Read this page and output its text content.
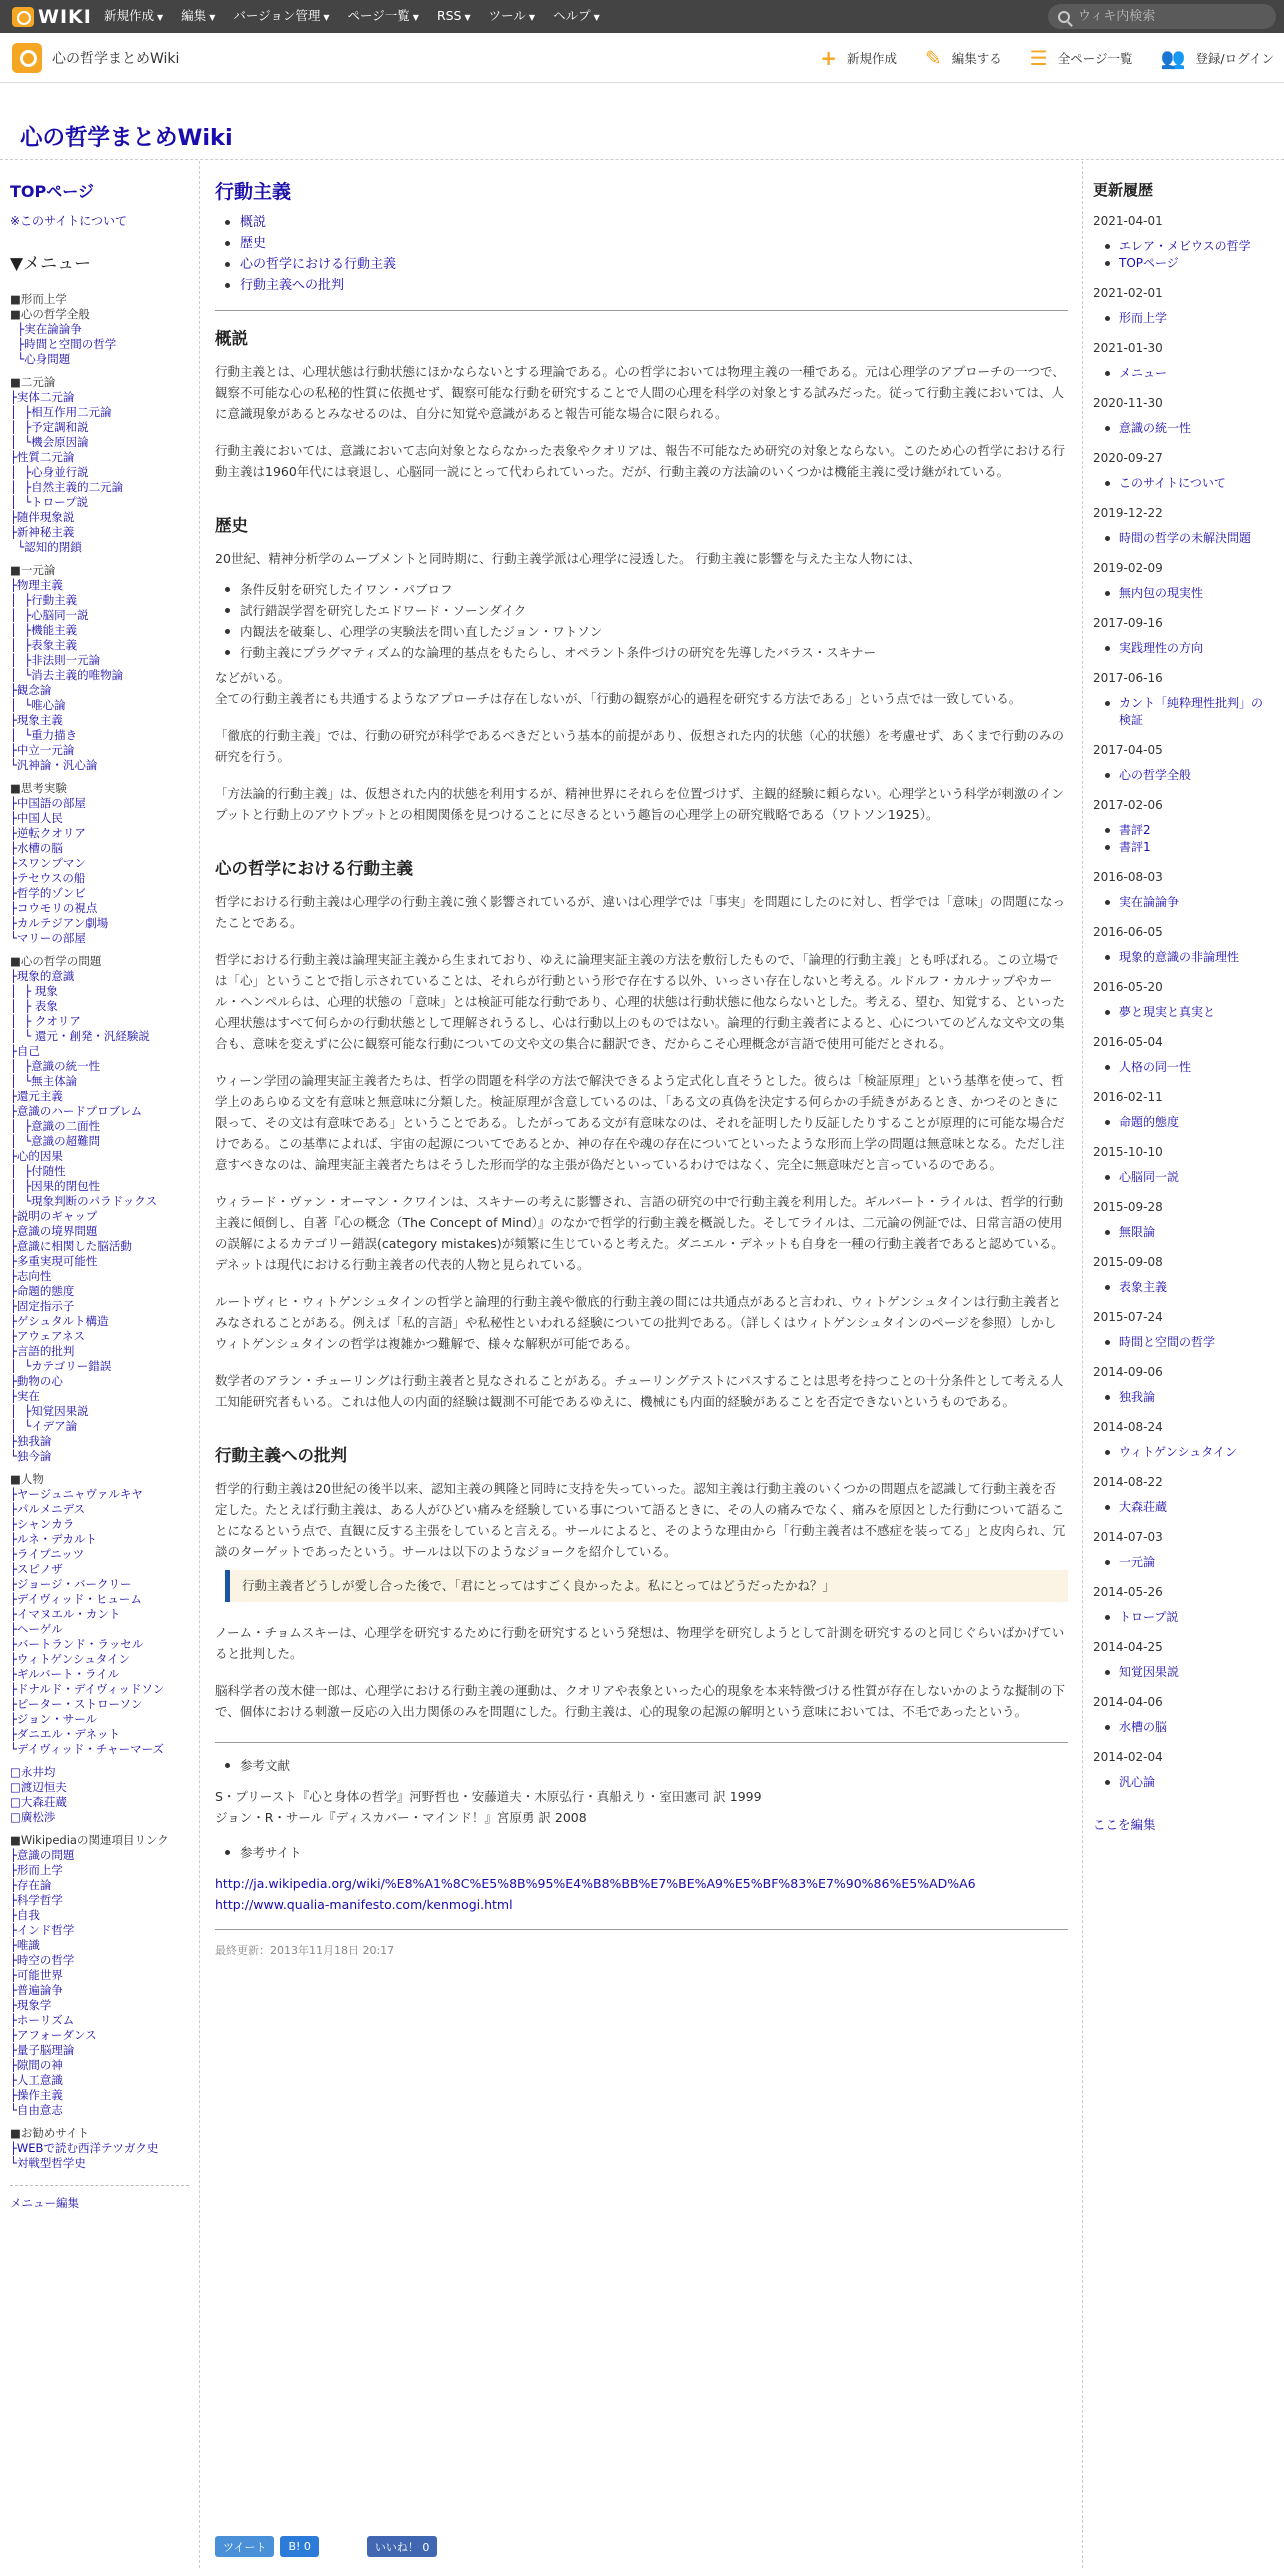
WIKI 新規作成 ▼	編集 ▼	バージョン管理 ▼	ページ一覧 ▼	RSS ▼	ツール ▼	ヘルプ ▼
ウィキ内検索
心の哲学まとめWiki	+ 新規作成 ✎ 編集する ☰ 全ページ一覧 👥 登録/ログイン
心の哲学まとめWiki
TOPページ
※このサイトについて
▼メニュー
■形而上学
■心の哲学全般
├実在論論争
├時間と空間の哲学
└心身問題
■二元論
├実体二元論
│  ├相互作用二元論
│  ├予定調和説
│  └機会原因論
├性質二元論
│  ├心身並行説
│  ├自然主義的二元論
│  └トロープ説
├随伴現象説
├新神秘主義
└認知的閉鎖
■一元論
├物理主義
│  ├行動主義
│  ├心脳同一説
│  ├機能主義
│  ├表象主義
│  ├非法則一元論
│  └消去主義的唯物論
├観念論
│  └唯心論
├現象主義
│  └重力描き
├中立一元論
└汎神論・汎心論
■思考実験
├中国語の部屋
├中国人民
├逆転クオリア
├水槽の脳
├スワンプマン
├テセウスの船
├哲学的ゾンビ
├コウモリの視点
├カルテジアン劇場
└マリーの部屋
■心の哲学の問題
├現象的意識
│  ├ 現象
│  ├ 表象
│  ├ クオリア
│  └ 還元・創発・汎経験説
├自己
│  ├意識の統一性
│  └無主体論
├還元主義
├意識のハードプロブレム
│  ├意識の二面性
│  └意識の超難問
├心的因果
│  ├付随性
│  ├因果的閉包性
│  └現象判断のパラドックス
├説明のギャップ
├意識の境界問題
├意識に相関した脳活動
├多重実現可能性
├志向性
├命題的態度
├固定指示子
├ゲシュタルト構造
├アウェアネス
├言語的批判
│  └カテゴリー錯誤
├動物の心
├実在
│  ├知覚因果説
│  └イデア論
├独我論
└独今論
■人物
├ヤージュニャヴァルキヤ
├パルメニデス
├シャンカラ
├ルネ・デカルト
├ライプニッツ
├スピノザ
├ジョージ・バークリー
├デイヴィッド・ヒューム
├イマヌエル・カント
├ヘーゲル
├バートランド・ラッセル
├ウィトゲンシュタイン
├ギルバート・ライル
├ドナルド・デイヴィッドソン
├ピーター・ストローソン
├ジョン・サール
├ダニエル・デネット
└デイヴィッド・チャーマーズ
□永井均
□渡辺恒夫
□大森荘蔵
□廣松渉
■Wikipediaの関連項目リンク
├意識の問題
├形而上学
├存在論
├科学哲学
├自我
├インド哲学
├唯識
├時空の哲学
├可能世界
├普遍論争
├現象学
├ホーリズム
├アフォーダンス
├量子脳理論
├隙間の神
├人工意識
├操作主義
└自由意志
■お勧めサイト
├WEBで読む西洋テツガク史
└対戦型哲学史
メニュー編集
行動主義
概説
歴史
心の哲学における行動主義
行動主義への批判
概説

行動主義とは、心理状態は行動状態にほかならないとする理論である。心の哲学においては物理主義の一種である。元は心理学のアプローチの一つで、観察不可能な心の私秘的性質に依拠せず、観察可能な行動を研究することで人間の心理を科学の対象とする試みだった。従って行動主義においては、人に意識現象があるとみなせるのは、自分に知覚や意識があると報告可能な場合に限られる。

行動主義においては、意識において志向対象とならなかった表象やクオリアは、報告不可能なため研究の対象とならない。このため心の哲学における行動主義は1960年代には衰退し、心脳同一説にとって代わられていった。だが、行動主義の方法論のいくつかは機能主義に受け継がれている。

歴史

20世紀、精神分析学のムーブメントと同時期に、行動主義学派は心理学に浸透した。 行動主義に影響を与えた主な人物には、

条件反射を研究したイワン・パブロフ
試行錯誤学習を研究したエドワード・ソーンダイク
内観法を破棄し、心理学の実験法を問い直したジョン・ワトソン
行動主義にプラグマティズム的な論理的基点をもたらし、オペラント条件づけの研究を先導したバラス・スキナー

などがいる。
全ての行動主義者にも共通するようなアプローチは存在しないが、「行動の観察が心的過程を研究する方法である」という点では一致している。

「徹底的行動主義」では、行動の研究が科学であるべきだという基本的前提があり、仮想された内的状態（心的状態）を考慮せず、あくまで行動のみの研究を行う。

「方法論的行動主義」は、仮想された内的状態を利用するが、精神世界にそれらを位置づけず、主観的経験に頼らない。心理学という科学が刺激のインプットと行動上のアウトプットとの相関関係を見つけることに尽きるという趣旨の心理学上の研究戦略である（ワトソン1925）。

心の哲学における行動主義

哲学における行動主義は心理学の行動主義に強く影響されているが、違いは心理学では「事実」を問題にしたのに対し、哲学では「意味」の問題になったことである。

哲学における行動主義は論理実証主義から生まれており、ゆえに論理実証主義の方法を敷衍したもので、「論理的行動主義」とも呼ばれる。この立場では「心」ということで指し示されていることは、それらが行動という形で存在する以外、いっさい存在しないと考える。ルドルフ・カルナップやカール・ヘンペルらは、心理的状態の「意味」とは検証可能な行動であり、心理的状態は行動状態に他ならないとした。考える、望む、知覚する、といった心理状態はすべて何らかの行動状態として理解されうるし、心は行動以上のものではない。論理的行動主義者によると、心についてのどんな文や文の集合も、意味を変えずに公に観察可能な行動についての文や文の集合に翻訳でき、だからこそ心理概念が言語で使用可能だとされる。

ウィーン学団の論理実証主義者たちは、哲学の問題を科学の方法で解決できるよう定式化し直そうとした。彼らは「検証原理」という基準を使って、哲学上のあらゆる文を有意味と無意味に分類した。検証原理が含意しているのは、「ある文の真偽を決定する何らかの手続きがあるとき、かつそのときに限って、その文は有意味である」ということである。したがってある文が有意味なのは、それを証明したり反証したりすることが原理的に可能な場合だけである。この基準によれば、宇宙の起源についてであるとか、神の存在や魂の存在についてといったような形而上学の問題は無意味となる。ただし注意すべきなのは、論理実証主義者たちはそうした形而学的な主張が偽だといっているわけではなく、完全に無意味だと言っているのである。

ウィラード・ヴァン・オーマン・クワインは、スキナーの考えに影響され、言語の研究の中で行動主義を利用した。ギルバート・ライルは、哲学的行動主義に傾倒し、自著『心の概念（The Concept of Mind）』のなかで哲学的行動主義を概説した。そしてライルは、二元論の例証では、日常言語の使用の誤解によるカテゴリー錯誤(category mistakes)が頻繁に生じていると考えた。ダニエル・デネットも自身を一種の行動主義者であると認めている。デネットは現代における行動主義者の代表的人物と見られている。

ルートヴィヒ・ウィトゲンシュタインの哲学と論理的行動主義や徹底的行動主義の間には共通点があると言われ、ウィトゲンシュタインは行動主義者とみなされることがある。例えば「私的言語」や私秘性といわれる経験についての批判である。（詳しくはウィトゲンシュタインのページを参照）しかしウィトゲンシュタインの哲学は複雑かつ難解で、様々な解釈が可能である。

数学者のアラン・チューリングは行動主義者と見なされることがある。チューリングテストにパスすることは思考を持つことの十分条件として考える人工知能研究者もいる。これは他人の内面的経験は観測不可能であるゆえに、機械にも内面的経験があることを否定できないというものである。

行動主義への批判

哲学的行動主義は20世紀の後半以来、認知主義の興隆と同時に支持を失っていった。認知主義は行動主義のいくつかの問題点を認識して行動主義を否定した。たとえば行動主義は、ある人がひどい痛みを経験している事について語るときに、その人の痛みでなく、痛みを原因とした行動について語ることになるという点で、直観に反する主張をしていると言える。サールによると、そのような理由から「行動主義者は不感症を装ってる」と皮肉られ、冗談のターゲットであったという。サールは以下のようなジョークを紹介している。

行動主義者どうしが愛し合った後で、「君にとってはすごく良かったよ。私にとってはどうだったかね？」

ノーム・チョムスキーは、心理学を研究するために行動を研究するという発想は、物理学を研究しようとして計測を研究するのと同じぐらいばかげていると批判した。

脳科学者の茂木健一郎は、心理学における行動主義の運動は、クオリアや表象といった心的現象を本来特徴づける性質が存在しないかのような擬制の下で、個体における刺激ー反応の入出力関係のみを問題にした。行動主義は、心的現象の起源の解明という意味においては、不毛であったという。

参考文献
S・プリースト『心と身体の哲学』河野哲也・安藤道夫・木原弘行・真船えり・室田憲司 訳 1999
ジョン・R・サール『ディスカバー・マインド！』宮原勇 訳 2008
参考サイト
http://ja.wikipedia.org/wiki/%E8%A1%8C%E5%8B%95%E4%B8%BB%E7%BE%A9%E5%BF%83%E7%90%86%E5%AD%A6
http://www.qualia-manifesto.com/kenmogi.html
最終更新：2013年11月18日 20:17
ツイート	B! 0	いいね！ 0
更新履歴
2021-04-01
エレア・メビウスの哲学
TOPページ
2021-02-01
形而上学
2021-01-30
メニュー
2020-11-30
意識の統一性
2020-09-27
このサイトについて
2019-12-22
時間の哲学の未解決問題
2019-02-09
無内包の現実性
2017-09-16
実践理性の方向
2017-06-16
カント「純粋理性批判」の検証
2017-04-05
心の哲学全般
2017-02-06
書評2
書評1
2016-08-03
実在論論争
2016-06-05
現象的意識の非論理性
2016-05-20
夢と現実と真実と
2016-05-04
人格の同一性
2016-02-11
命題的態度
2015-10-10
心脳同一説
2015-09-28
無限論
2015-09-08
表象主義
2015-07-24
時間と空間の哲学
2014-09-06
独我論
2014-08-24
ウィトゲンシュタイン
2014-08-22
大森荘蔵
2014-07-03
一元論
2014-05-26
トロープ説
2014-04-25
知覚因果説
2014-04-06
水槽の脳
2014-02-04
汎心論
ここを編集
